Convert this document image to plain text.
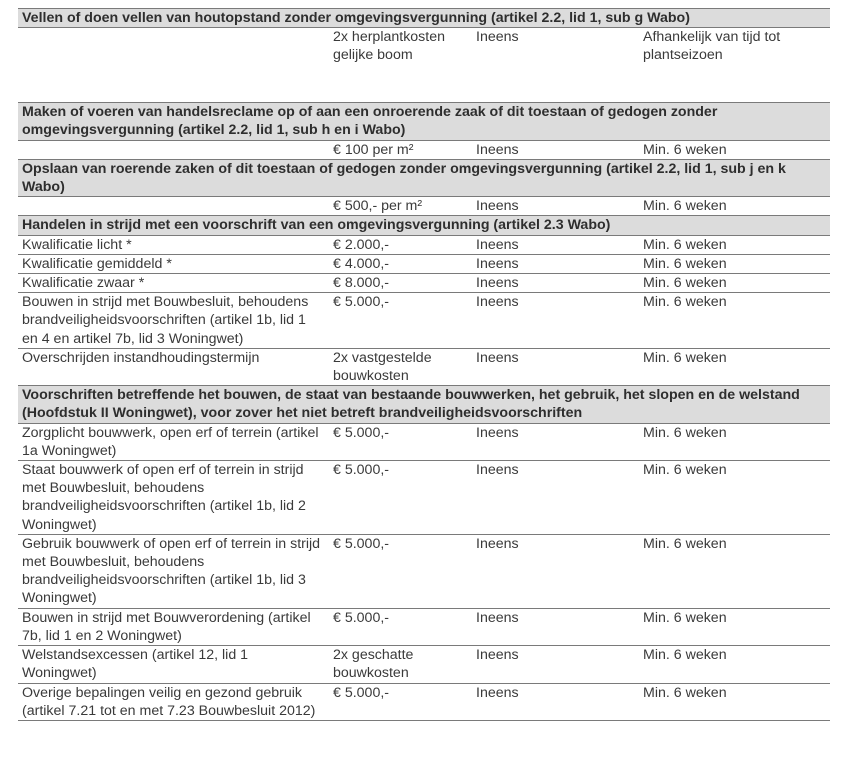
Vellen of doen vellen van houtopstand zonder omgevingsvergunning (artikel 2.2, lid 1, sub g Wabo)			
	2x herplantkosten gelijke boom	Ineens	Afhankelijk van tijd tot plantseizoen
Maken of voeren van handelsreclame op of aan een onroerende zaak of dit toestaan of gedogen zonder omgevingsvergunning (artikel 2.2, lid 1, sub h en i Wabo)			
	€ 100 per m²	Ineens	Min. 6 weken
Opslaan van roerende zaken of dit toestaan of gedogen zonder omgevingsvergunning (artikel 2.2, lid 1, sub j en k Wabo)			
	€ 500,- per m²	Ineens	Min. 6 weken
Handelen in strijd met een voorschrift van een omgevingsvergunning (artikel 2.3 Wabo)			
Kwalificatie licht *	€ 2.000,-	Ineens	Min. 6 weken
Kwalificatie gemiddeld *	€ 4.000,-	Ineens	Min. 6 weken
Kwalificatie zwaar *	€ 8.000,-	Ineens	Min. 6 weken
Bouwen in strijd met Bouwbesluit, behoudens brandveiligheidsvoorschriften (artikel 1b, lid 1 en 4 en artikel 7b, lid 3 Woningwet)	€ 5.000,-	Ineens	Min. 6 weken
Overschrijden instandhoudingstermijn	2x vastgestelde bouwkosten	Ineens	Min. 6 weken
Voorschriften betreffende het bouwen, de staat van bestaande bouwwerken, het gebruik, het slopen en de welstand (Hoofdstuk II Woningwet), voor zover het niet betreft brandveiligheidsvoorschriften			
Zorgplicht bouwwerk, open erf of terrein (artikel 1a Woningwet)	€ 5.000,-	Ineens	Min. 6 weken
Staat bouwwerk of open erf of terrein in strijd met Bouwbesluit, behoudens brandveiligheidsvoorschriften (artikel 1b, lid 2 Woningwet)	€ 5.000,-	Ineens	Min. 6 weken
Gebruik bouwwerk of open erf of terrein in strijd met Bouwbesluit, behoudens brandveiligheidsvoorschriften (artikel 1b, lid 3 Woningwet)	€ 5.000,-	Ineens	Min. 6 weken
Bouwen in strijd met Bouwverordening (artikel 7b, lid 1 en 2 Woningwet)	€ 5.000,-	Ineens	Min. 6 weken
Welstandsexcessen (artikel 12, lid 1 Woningwet)	2x geschatte bouwkosten	Ineens	Min. 6 weken
Overige bepalingen veilig en gezond gebruik (artikel 7.21 tot en met 7.23 Bouwbesluit 2012)	€ 5.000,-	Ineens	Min. 6 weken
